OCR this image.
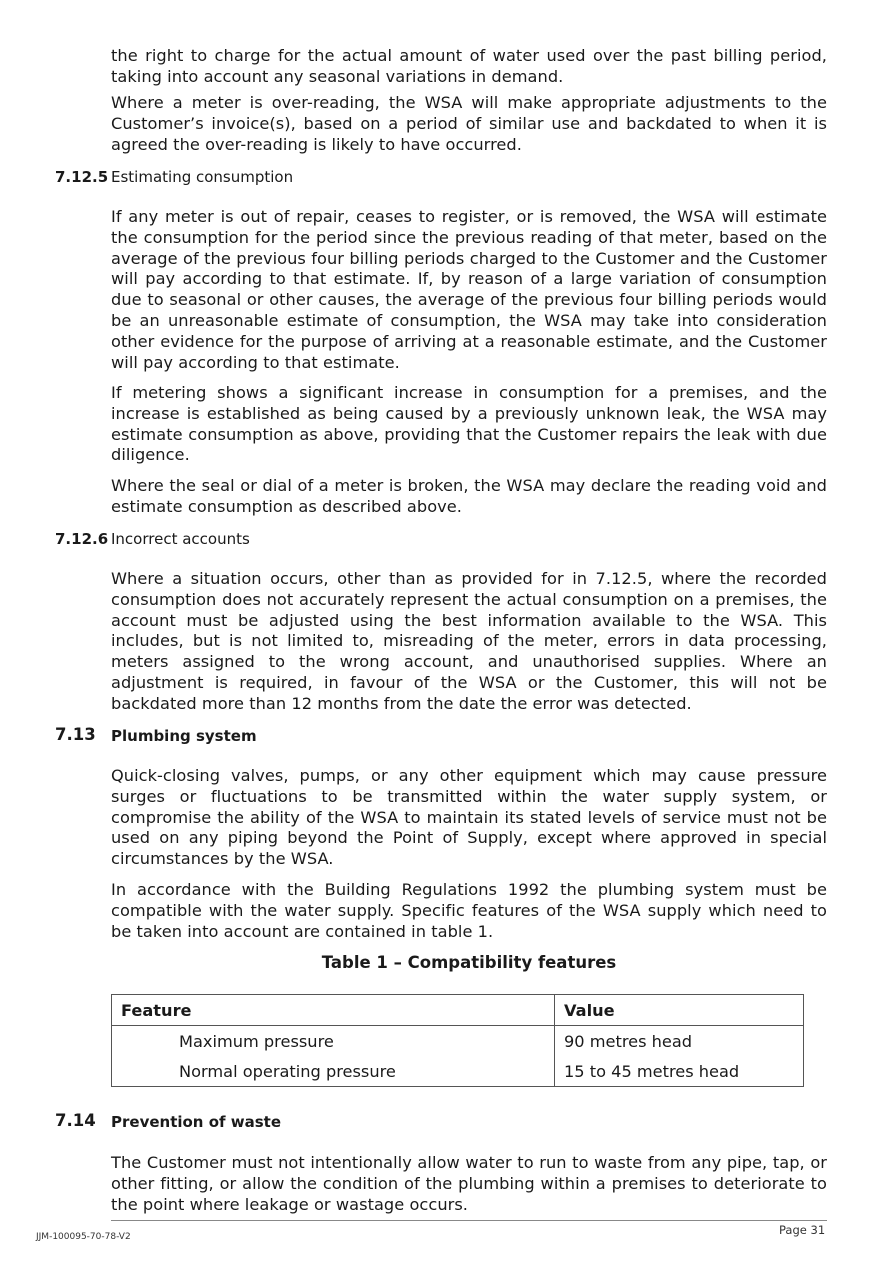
the right to charge for the actual amount of water used over the past billing period, taking into account any seasonal variations in demand.

Where a meter is over-reading, the WSA will make appropriate adjustments to the Customer’s invoice(s), based on a period of similar use and backdated to when it is agreed the over-reading is likely to have occurred.

7.12.5 Estimating consumption

If any meter is out of repair, ceases to register, or is removed, the WSA will estimate the consumption for the period since the previous reading of that meter, based on the average of the previous four billing periods charged to the Customer and the Customer will pay according to that estimate. If, by reason of a large variation of consumption due to seasonal or other causes, the average of the previous four billing periods would be an unreasonable estimate of consumption, the WSA may take into consideration other evidence for the purpose of arriving at a reasonable estimate, and the Customer will pay according to that estimate.

If metering shows a significant increase in consumption for a premises, and the increase is established as being caused by a previously unknown leak, the WSA may estimate consumption as above, providing that the Customer repairs the leak with due diligence.

Where the seal or dial of a meter is broken, the WSA may declare the reading void and estimate consumption as described above.

7.12.6 Incorrect accounts

Where a situation occurs, other than as provided for in 7.12.5, where the recorded consumption does not accurately represent the actual consumption on a premises, the account must be adjusted using the best information available to the WSA. This includes, but is not limited to, misreading of the meter, errors in data processing, meters assigned to the wrong account, and unauthorised supplies. Where an adjustment is required, in favour of the WSA or the Customer, this will not be backdated more than 12 months from the date the error was detected.

7.13 Plumbing system

Quick-closing valves, pumps, or any other equipment which may cause pressure surges or fluctuations to be transmitted within the water supply system, or compromise the ability of the WSA to maintain its stated levels of service must not be used on any piping beyond the Point of Supply, except where approved in special circumstances by the WSA.

In accordance with the Building Regulations 1992 the plumbing system must be compatible with the water supply. Specific features of the WSA supply which need to be taken into account are contained in table 1.

Table 1 – Compatibility features
Feature	Value
Maximum pressure	90 metres head
Normal operating pressure	15 to 45 metres head
7.14 Prevention of waste

The Customer must not intentionally allow water to run to waste from any pipe, tap, or other fitting, or allow the condition of the plumbing within a premises to deteriorate to the point where leakage or wastage occurs.

JJM-100095-70-78-V2	Page 31
